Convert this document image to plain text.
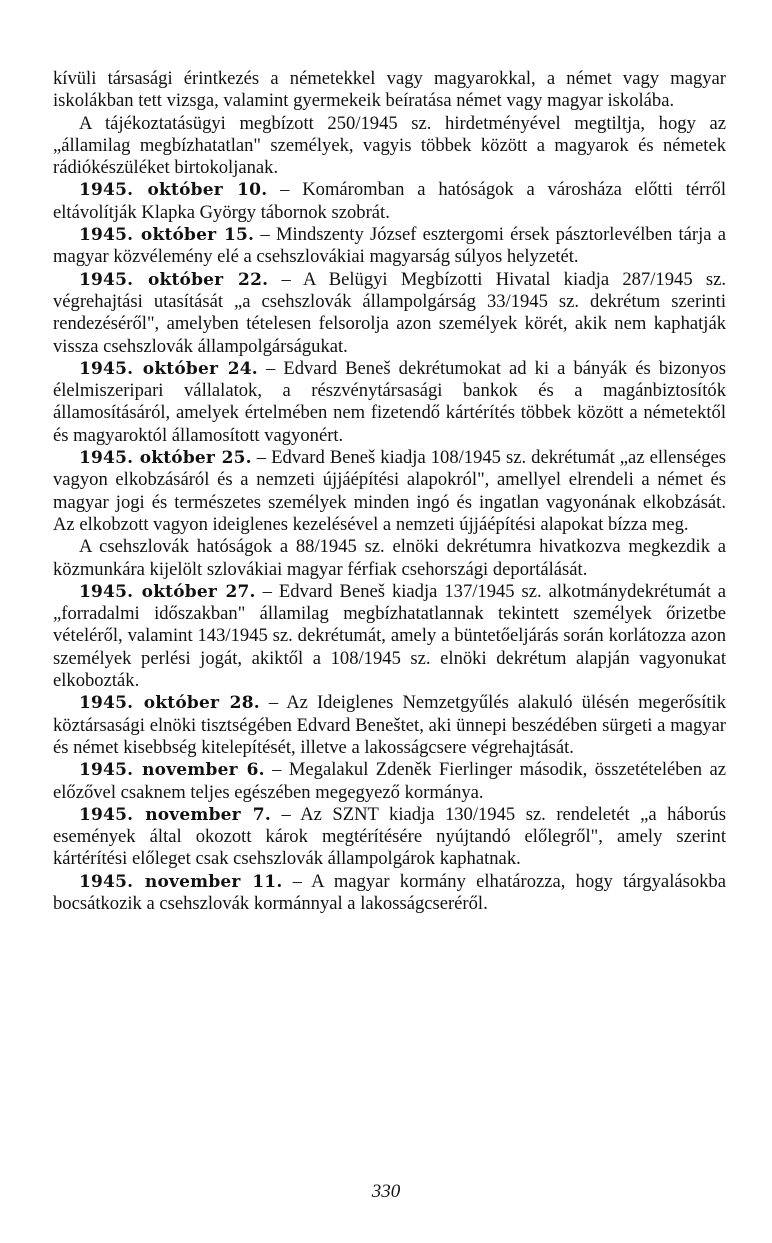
kívüli társasági érintkezés a németekkel vagy magyarokkal, a német vagy magyar iskolákban tett vizsga, valamint gyermekeik beíratása német vagy magyar iskolába.

A tájékoztatásügyi megbízott 250/1945 sz. hirdetményével megtiltja, hogy az „államilag megbízhatatlan" személyek, vagyis többek között a magyarok és németek rádiókészüléket birtokoljanak.

1945. október 10. – Komáromban a hatóságok a városháza előtti térről eltávolítják Klapka György tábornok szobrát.

1945. október 15. – Mindszenty József esztergomi érsek pásztorlevélben tárja a magyar közvélemény elé a csehszlovákiai magyarság súlyos helyzetét.

1945. október 22. – A Belügyi Megbízotti Hivatal kiadja 287/1945 sz. végrehajtási utasítását „a csehszlovák állampolgárság 33/1945 sz. dekrétum szerinti rendezéséről", amelyben tételesen felsorolja azon személyek körét, akik nem kaphatják vissza csehszlovák állampolgárságukat.

1945. október 24. – Edvard Beneš dekrétumokat ad ki a bányák és bizonyos élelmiszeripari vállalatok, a részvénytársasági bankok és a magánbiztosítók államosításáról, amelyek értelmében nem fizetendő kártérítés többek között a németektől és magyaroktól államosított vagyonért.

1945. október 25. – Edvard Beneš kiadja 108/1945 sz. dekrétumát „az ellenséges vagyon elkobzásáról és a nemzeti újjáépítési alapokról", amellyel elrendeli a német és magyar jogi és természetes személyek minden ingó és ingatlan vagyonának elkobzását. Az elkobzott vagyon ideiglenes kezelésével a nemzeti újjáépítési alapokat bízza meg.

A csehszlovák hatóságok a 88/1945 sz. elnöki dekrétumra hivatkozva megkezdik a közmunkára kijelölt szlovákiai magyar férfiak csehországi deportálását.

1945. október 27. – Edvard Beneš kiadja 137/1945 sz. alkotmánydekrétumát a „forradalmi időszakban" államilag megbízhatatlannak tekintett személyek őrizetbe vételéről, valamint 143/1945 sz. dekrétumát, amely a büntetőeljárás során korlátozza azon személyek perlési jogát, akiktől a 108/1945 sz. elnöki dekrétum alapján vagyonukat elkobozták.

1945. október 28. – Az Ideiglenes Nemzetgyűlés alakuló ülésén megerősítik köztársasági elnöki tisztségében Edvard Beneštet, aki ünnepi beszédében sürgeti a magyar és német kisebbség kitelepítését, illetve a lakosságcsere végrehajtását.

1945. november 6. – Megalakul Zdeněk Fierlinger második, összetételében az előzővel csaknem teljes egészében megegyező kormánya.

1945. november 7. – Az SZNT kiadja 130/1945 sz. rendeletét „a háborús események által okozott károk megtérítésére nyújtandó előlegről", amely szerint kártérítési előleget csak csehszlovák állampolgárok kaphatnak.

1945. november 11. – A magyar kormány elhatározza, hogy tárgyalásokba bocsátkozik a csehszlovák kormánnyal a lakosságcseréről.

330
